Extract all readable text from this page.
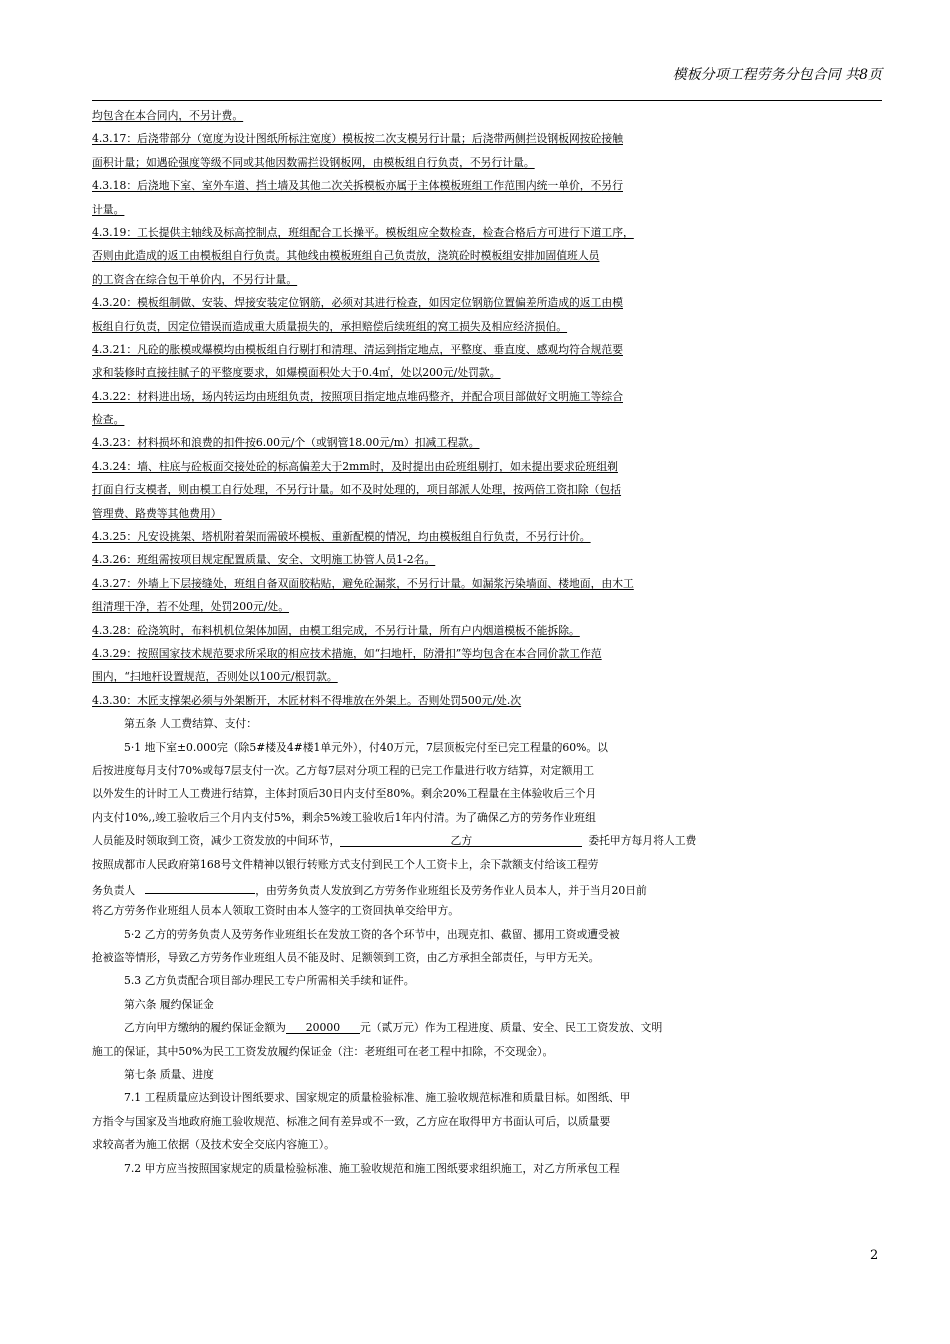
模板分项工程劳务分包合同 共8页
均包含在本合同内，不另计费。
4.3.17：后浇带部分（宽度为设计图纸所标注宽度）模板按二次支模另行计量；后浇带两侧拦设钢板网按砼接触
面积计量；如遇砼强度等级不同或其他因数需拦设钢板网，由模板组自行负责，不另行计量。
4.3.18：后浇地下室、室外车道、挡土墙及其他二次关拆模板亦属于主体模板班组工作范围内统一单价，不另行
计量。
4.3.19：工长提供主轴线及标高控制点，班组配合工长操平。模板组应全数检查，检查合格后方可进行下道工序，
否则由此造成的返工由模板组自行负责。其他线由模板班组自己负责放，浇筑砼时模板组安排加固值班人员
的工资含在综合包干单价内，不另行计量。
4.3.20：模板组制做、安装、焊接安装定位钢筋，必须对其进行检查，如因定位钢筋位置偏差所造成的返工由模
板组自行负责，因定位错误而造成重大质量损失的，承担赔偿后续班组的窝工损失及相应经济损伯。
4.3.21：凡砼的胀模或爆模均由模板组自行剔打和清理、清运到指定地点，平整度、垂直度、感观均符合规范要
求和装修时直接挂腻子的平整度要求，如爆模面积处大于0.4㎡，处以200元/处罚款。
4.3.22：材料进出场，场内转运均由班组负责，按照项目指定地点堆码整齐，并配合项目部做好文明施工等综合
检查。
4.3.23：材料损坏和浪费的扣件按6.00元/个（或钢管18.00元/m）扣减工程款。
4.3.24：墙、柱底与砼板面交接处砼的标高偏差大于2mm时，及时提出由砼班组剔打，如未提出要求砼班组剃
打面自行支模者，则由模工自行处理，不另行计量。如不及时处理的，项目部派人处理，按两倍工资扣除（包括
管理费、路费等其他费用）
4.3.25：凡安设挑架、塔机附着架而需破坏模板、重新配模的情况，均由模板组自行负责，不另行计价。
4.3.26：班组需按项目规定配置质量、安全、文明施工协管人员1-2名。
4.3.27：外墙上下层接缝处，班组自备双面胶粘贴，避免砼漏浆，不另行计量。如漏浆污染墙面、楼地面，由木工
组清理干净，若不处理，处罚200元/处。
4.3.28：砼浇筑时，布料机机位架体加固，由模工组完成，不另行计量，所有户内烟道模板不能拆除。
4.3.29：按照国家技术规范要求所采取的相应技术措施，如“扫地杆，防滑扣”等均包含在本合同价款工作范
围内，“扫地杆设置规范，否则处以100元/根罚款。
4.3.30：木匠支撑架必须与外架断开，木匠材料不得堆放在外架上。否则处罚500元/处.次
第五条 人工费结算、支付：
5·1 地下室±0.000完（除5#楼及4#楼1单元外），付40万元，7层顶板完付至已完工程量的60%。以
后按进度每月支付70%或每7层支付一次。乙方每7层对分项工程的已完工作量进行收方结算，对定额用工
以外发生的计时工人工费进行结算，主体封顶后30日内支付至80%。剩余20%工程量在主体验收后三个月
内支付10%,,竣工验收后三个月内支付5%，剩余5%竣工验收后1年内付清。为了确保乙方的劳务作业班组
人员能及时领取到工资，减少工资发放的中间环节，	乙方	委托甲方每月将人工费
按照成都市人民政府第168号文件精神以银行转账方式支付到民工个人工资卡上，余下款额支付给该工程劳
务负责人	，由劳务负责人发放到乙方劳务作业班组长及劳务作业人员本人，并于当月20日前
将乙方劳务作业班组人员本人领取工资时由本人签字的工资回执单交给甲方。
5·2 乙方的劳务负责人及劳务作业班组长在发放工资的各个环节中，出现克扣、截留、挪用工资或遭受被
抢被盗等情形，导致乙方劳务作业班组人员不能及时、足额领到工资，由乙方承担全部责任，与甲方无关。
5.3 乙方负责配合项目部办理民工专户所需相关手续和证件。
第六条 履约保证金
乙方向甲方缴纳的履约保证金额为 20000 元（贰万元）作为工程进度、质量、安全、民工工资发放、文明
施工的保证，其中50%为民工工资发放履约保证金（注：老班组可在老工程中扣除，不交现金）。
第七条 质量、进度
7.1 工程质量应达到设计图纸要求、国家规定的质量检验标准、施工验收规范标准和质量目标。如图纸、甲
方指令与国家及当地政府施工验收规范、标准之间有差异或不一致，乙方应在取得甲方书面认可后，以质量要
求较高者为施工依据（及技术安全交底内容施工）。
7.2 甲方应当按照国家规定的质量检验标准、施工验收规范和施工图纸要求组织施工，对乙方所承包工程
2
